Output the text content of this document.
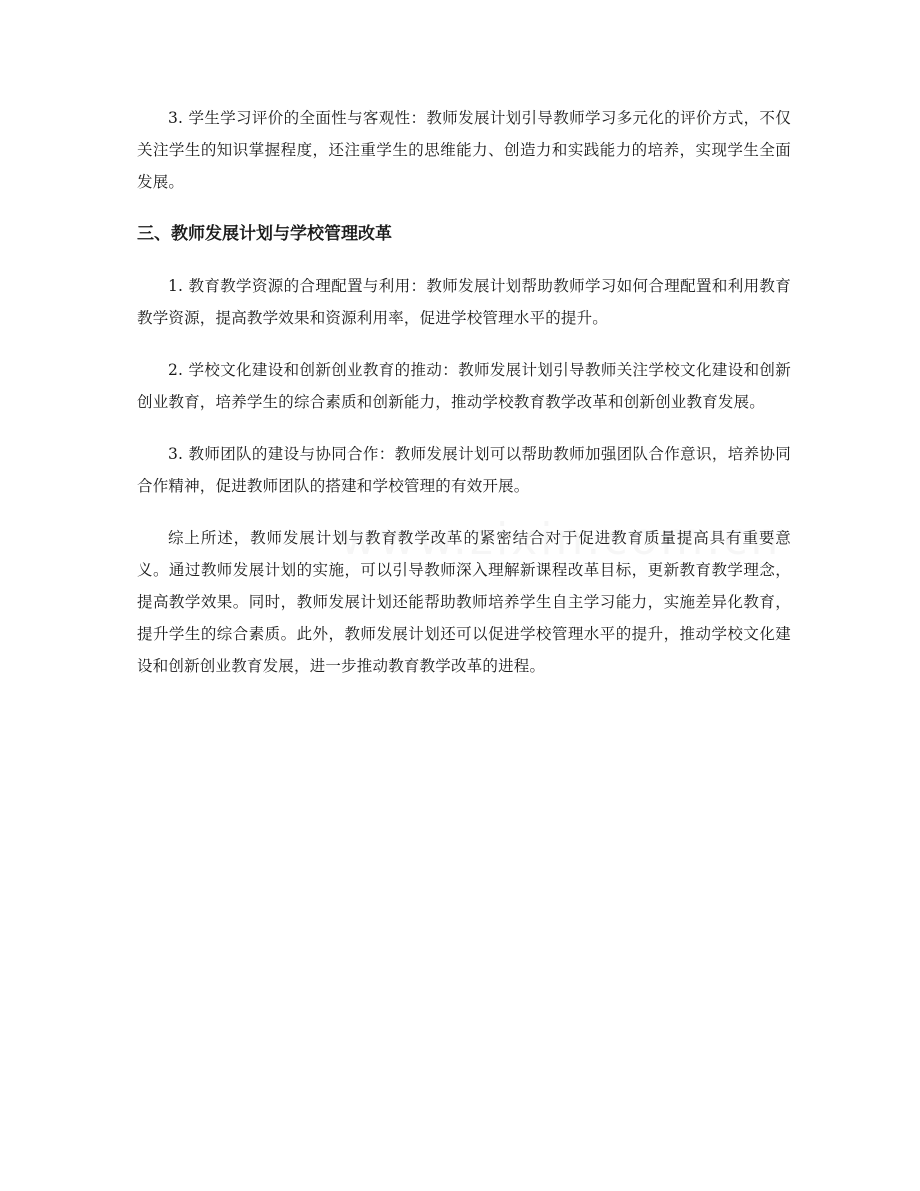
3. 学生学习评价的全面性与客观性：教师发展计划引导教师学习多元化的评价方式，不仅关注学生的知识掌握程度，还注重学生的思维能力、创造力和实践能力的培养，实现学生全面发展。

三、教师发展计划与学校管理改革

1. 教育教学资源的合理配置与利用：教师发展计划帮助教师学习如何合理配置和利用教育教学资源，提高教学效果和资源利用率，促进学校管理水平的提升。

2. 学校文化建设和创新创业教育的推动：教师发展计划引导教师关注学校文化建设和创新创业教育，培养学生的综合素质和创新能力，推动学校教育教学改革和创新创业教育发展。

3. 教师团队的建设与协同合作：教师发展计划可以帮助教师加强团队合作意识，培养协同合作精神，促进教师团队的搭建和学校管理的有效开展。

综上所述，教师发展计划与教育教学改革的紧密结合对于促进教育质量提高具有重要意义。通过教师发展计划的实施，可以引导教师深入理解新课程改革目标，更新教育教学理念，提高教学效果。同时，教师发展计划还能帮助教师培养学生自主学习能力，实施差异化教育，提升学生的综合素质。此外，教师发展计划还可以促进学校管理水平的提升，推动学校文化建设和创新创业教育发展，进一步推动教育教学改革的进程。
